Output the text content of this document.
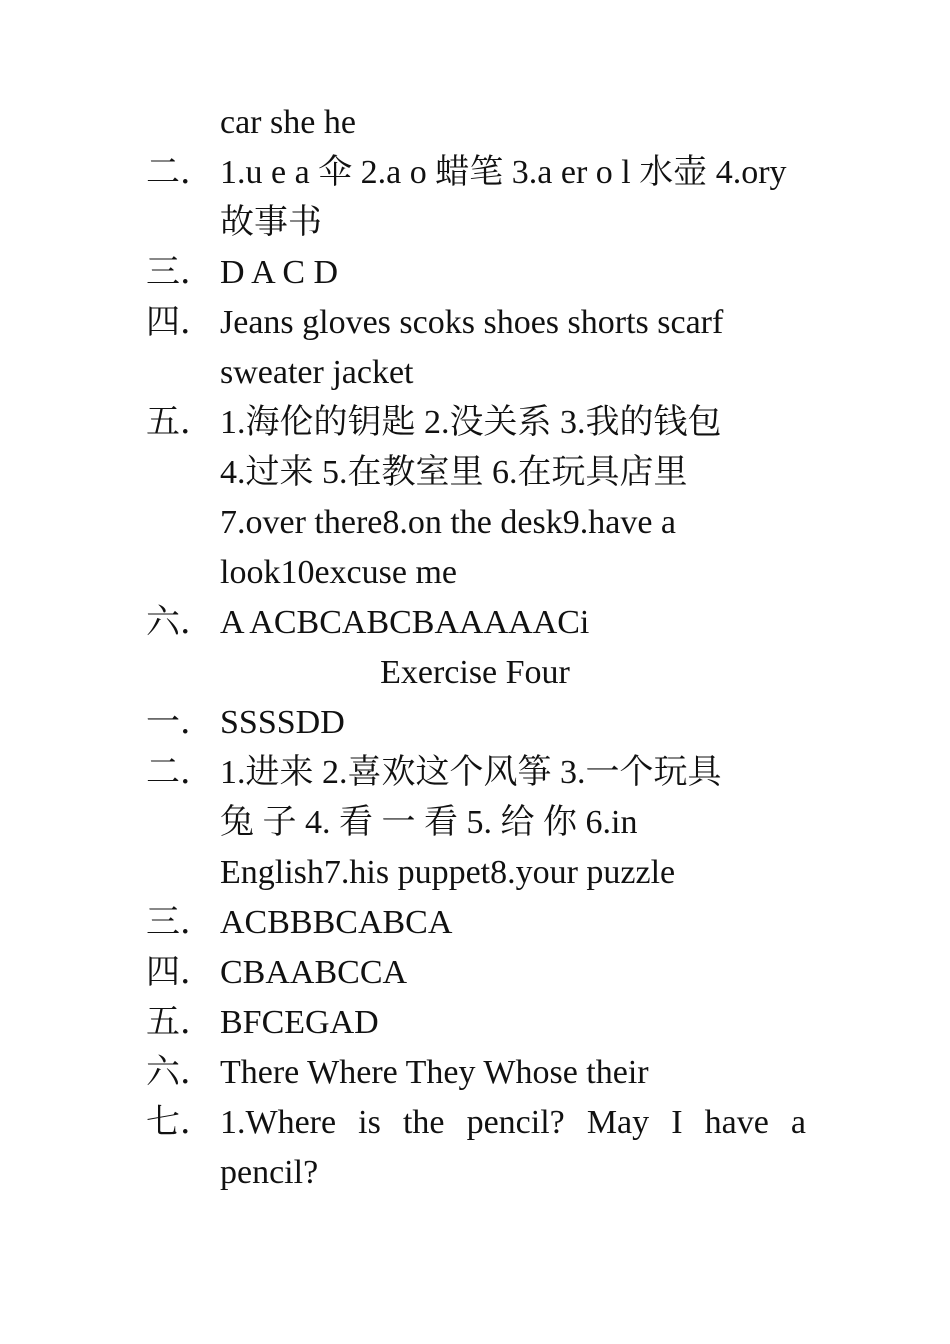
car she he
二． 1.u e a 伞 2.a o 蜡笔 3.a er o l 水壶 4.ory 故事书
三． D A C D
四． Jeans gloves scoks shoes shorts scarf sweater jacket
五． 1.海伦的钥匙 2.没关系 3.我的钱包
4.过来 5.在教室里 6.在玩具店里
7.over there8.on the desk9.have a
look10excuse me
六． A ACBCABCBAAAAACi
Exercise Four
一． SSSSDD
二． 1.进来 2.喜欢这个风筝 3.一个玩具
兔 子 4. 看 一 看 5. 给 你 6.in
English7.his puppet8.your puzzle
三． ACBBBCABCA
四． CBAABCCA
五． BFCEGAD
六． There Where They Whose their
七． 1.Where is the pencil? May I have a pencil?
